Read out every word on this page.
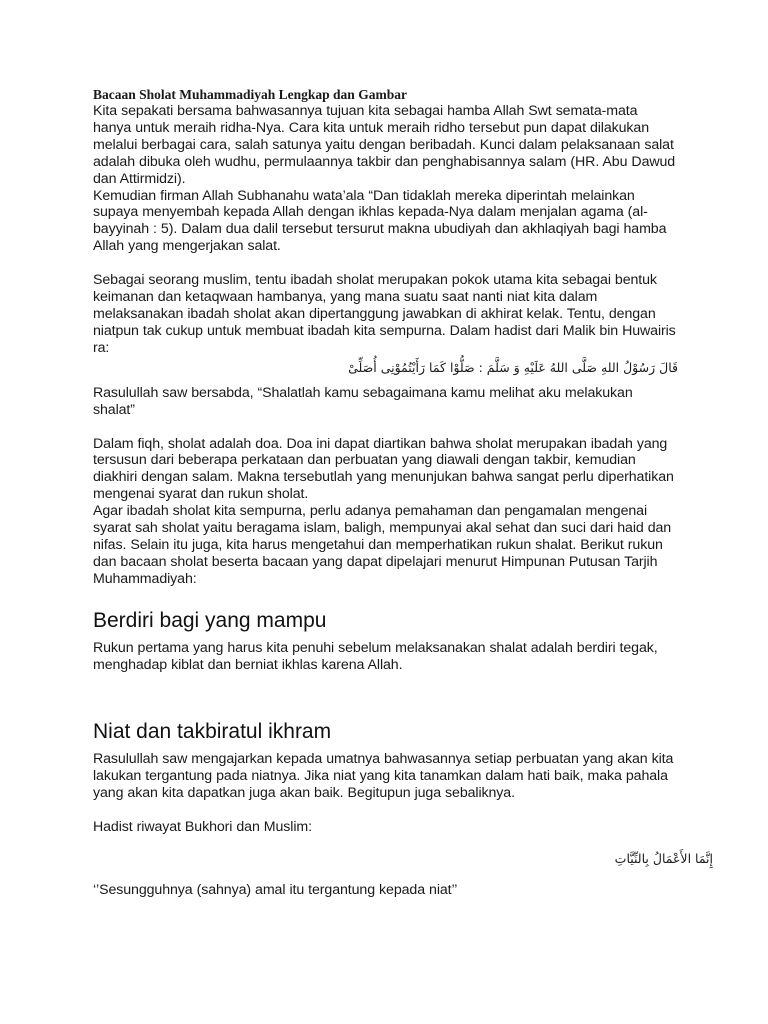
Bacaan Sholat Muhammadiyah Lengkap dan Gambar

Kita sepakati bersama bahwasannya tujuan kita sebagai hamba Allah Swt semata-mata hanya untuk meraih ridha-Nya. Cara kita untuk meraih ridho tersebut pun dapat dilakukan melalui berbagai cara, salah satunya yaitu dengan beribadah. Kunci dalam pelaksanaan salat adalah dibuka oleh wudhu, permulaannya takbir dan penghabisannya salam (HR. Abu Dawud dan Attirmidzi).

Kemudian firman Allah Subhanahu wata’ala “Dan tidaklah mereka diperintah melainkan supaya menyembah kepada Allah dengan ikhlas kepada-Nya dalam menjalan agama (al-bayyinah : 5). Dalam dua dalil tersebut tersurut makna ubudiyah dan akhlaqiyah bagi hamba Allah yang mengerjakan salat.

Sebagai seorang muslim, tentu ibadah sholat merupakan pokok utama kita sebagai bentuk keimanan dan ketaqwaan hambanya, yang mana suatu saat nanti niat kita dalam melaksanakan ibadah sholat akan dipertanggung jawabkan di akhirat kelak. Tentu, dengan niatpun tak cukup untuk membuat ibadah kita sempurna. Dalam hadist dari Malik bin Huwairis ra:

قَالَ رَسُوْلُ اللهِ صَلَّى اللهُ عَلَيْهِ وَ سَلَّمَ : صَلُّوْا كَمَا رَأَيْتُمُوْنِى أُصَلِّىْ

Rasulullah saw bersabda, “Shalatlah kamu sebagaimana kamu melihat aku melakukan shalat”

Dalam fiqh, sholat adalah doa. Doa ini dapat diartikan bahwa sholat merupakan ibadah yang tersusun dari beberapa perkataan dan perbuatan yang diawali dengan takbir, kemudian diakhiri dengan salam. Makna tersebutlah yang menunjukan bahwa sangat perlu diperhatikan mengenai syarat dan rukun sholat.

Agar ibadah sholat kita sempurna, perlu adanya pemahaman dan pengamalan mengenai syarat sah sholat yaitu beragama islam, baligh, mempunyai akal sehat dan suci dari haid dan nifas. Selain itu juga, kita harus mengetahui dan memperhatikan rukun shalat. Berikut rukun dan bacaan sholat beserta bacaan yang dapat dipelajari menurut Himpunan Putusan Tarjih Muhammadiyah:

Berdiri bagi yang mampu

Rukun pertama yang harus kita penuhi sebelum melaksanakan shalat adalah berdiri tegak, menghadap kiblat dan berniat ikhlas karena Allah.

Niat dan takbiratul ikhram

Rasulullah saw mengajarkan kepada umatnya bahwasannya setiap perbuatan yang akan kita lakukan tergantung pada niatnya. Jika niat yang kita tanamkan dalam hati baik, maka pahala yang akan kita dapatkan juga akan baik. Begitupun juga sebaliknya.

Hadist riwayat Bukhori dan Muslim:

إِنَّمَا الأَعْمَالُ بِالنِّيَّاتِ

‘’Sesungguhnya (sahnya) amal itu tergantung kepada niat’’
